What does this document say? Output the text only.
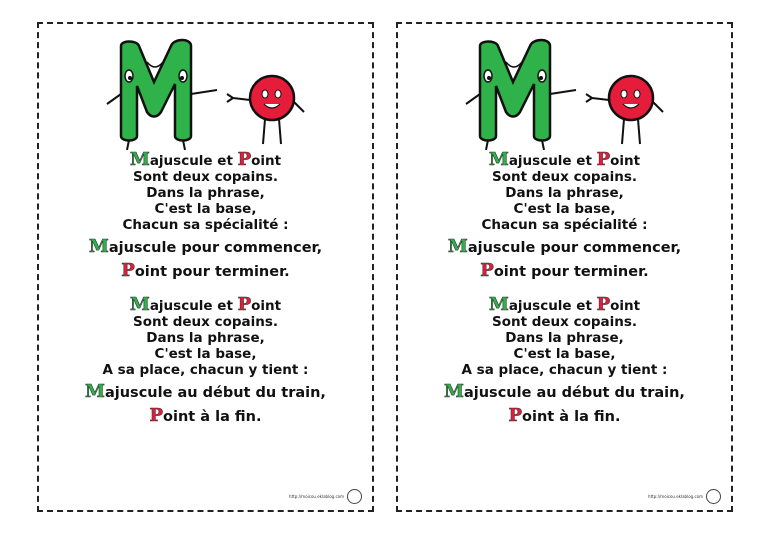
Majuscule et Point
Sont deux copains.
Dans la phrase,
C'est la base,
Chacun sa spécialité :
Majuscule pour commencer,
Point pour terminer.
Majuscule et Point
Sont deux copains.
Dans la phrase,
C'est la base,
A sa place, chacun y tient :
Majuscule au début du train,
Point à la fin.
http://moicou.eklablog.com
Majuscule et Point
Sont deux copains.
Dans la phrase,
C'est la base,
Chacun sa spécialité :
Majuscule pour commencer,
Point pour terminer.
Majuscule et Point
Sont deux copains.
Dans la phrase,
C'est la base,
A sa place, chacun y tient :
Majuscule au début du train,
Point à la fin.
http://moicou.eklablog.com
